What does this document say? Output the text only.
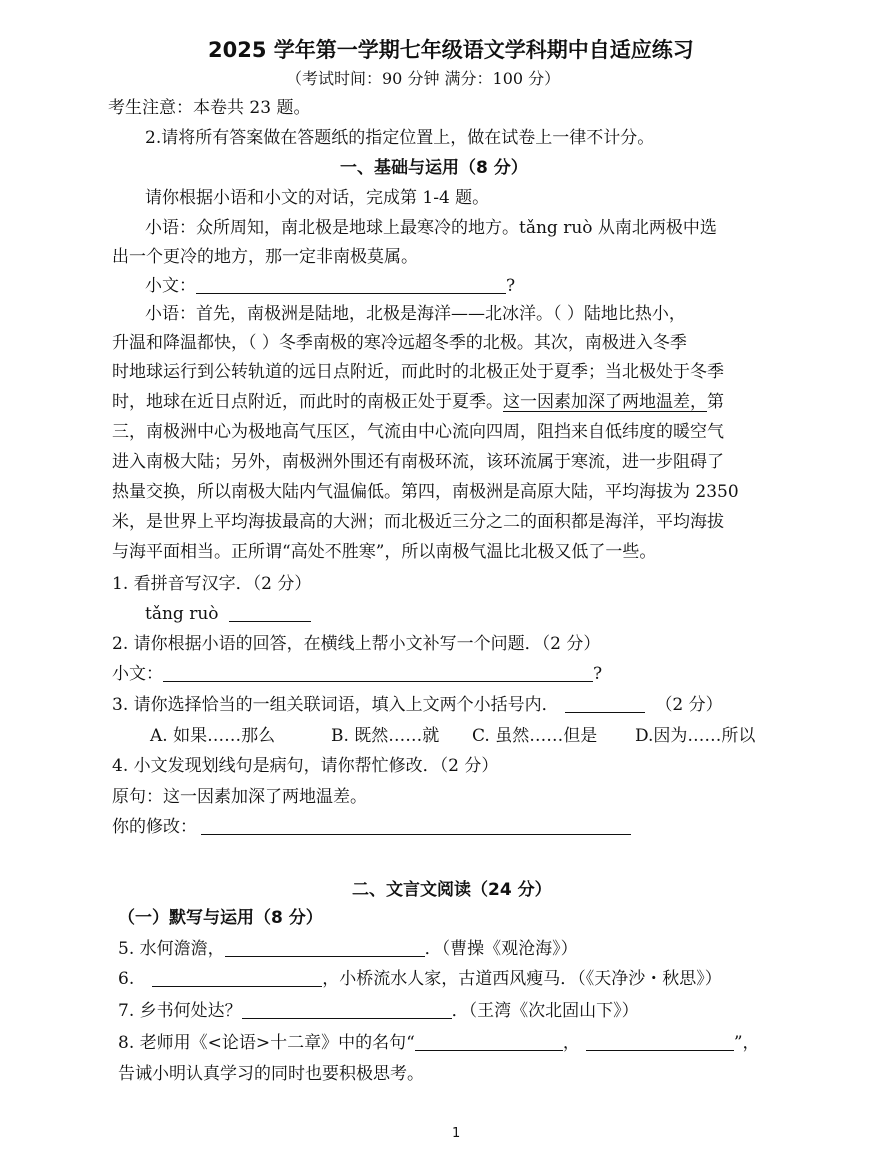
2025 学年第一学期七年级语文学科期中自适应练习
（考试时间：90 分钟 满分：100 分）
考生注意：本卷共 23 题。
2.请将所有答案做在答题纸的指定位置上，做在试卷上一律不计分。
一、基础与运用（8 分）
请你根据小语和小文的对话，完成第 1-4 题。
小语：众所周知，南北极是地球上最寒冷的地方。tǎng ruò 从南北两极中选
出一个更冷的地方，那一定非南极莫属。
小文：	?
小语：首先，南极洲是陆地，北极是海洋——北冰洋。（ ）陆地比热小，
升温和降温都快，（ ）冬季南极的寒冷远超冬季的北极。其次，南极进入冬季
时地球运行到公转轨道的远日点附近，而此时的北极正处于夏季；当北极处于冬季
时，地球在近日点附近，而此时的南极正处于夏季。这一因素加深了两地温差，第
三，南极洲中心为极地高气压区，气流由中心流向四周，阻挡来自低纬度的暖空气
进入南极大陆；另外，南极洲外围还有南极环流，该环流属于寒流，进一步阻碍了
热量交换，所以南极大陆内气温偏低。第四，南极洲是高原大陆，平均海拔为 2350
米，是世界上平均海拔最高的大洲；而北极近三分之二的面积都是海洋，平均海拔
与海平面相当。正所谓“高处不胜寒”，所以南极气温比北极又低了一些。
1. 看拼音写汉字．（2 分）
tǎng ruò
2. 请你根据小语的回答，在横线上帮小文补写一个问题．（2 分）
小文：	?
3. 请你选择恰当的一组关联词语，填入上文两个小括号内．	（2 分）
A. 如果……那么	B. 既然……就 C. 虽然……但是 D.因为……所以
4. 小文发现划线句是病句，请你帮忙修改．（2 分）
原句：这一因素加深了两地温差。
你的修改：
二、文言文阅读（24 分）
（一）默写与运用（8 分）
5. 水何澹澹，	．（曹操《观沧海》）
6.	，小桥流水人家，古道西风瘦马．（《天净沙・秋思》）
7. 乡书何处达？	．（王湾《次北固山下》）
8. 老师用《<论语>十二章》中的名句“	，	”，
告诫小明认真学习的同时也要积极思考。
1
